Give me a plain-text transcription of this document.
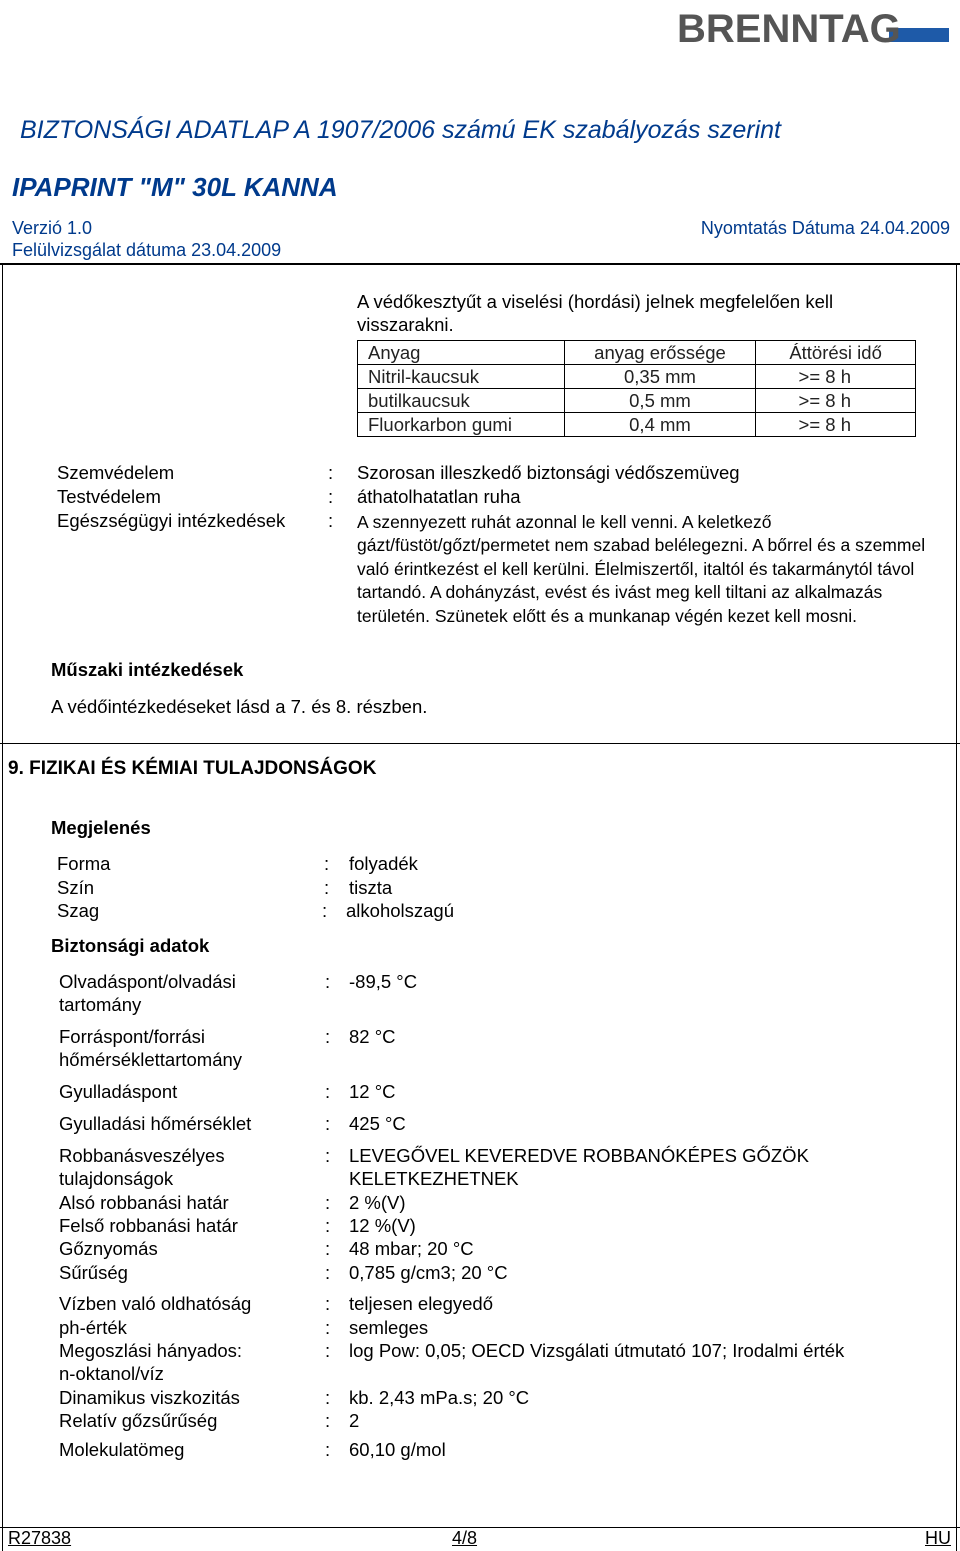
BRENNTAG
BIZTONSÁGI ADATLAP A 1907/2006 számú EK szabályozás szerint
IPAPRINT "M" 30L KANNA
Verzió 1.0	Nyomtatás Dátuma 24.04.2009
Felülvizsgálat dátuma 23.04.2009
A védőkesztyűt a viselési (hordási) jelnek megfelelően kell
visszarakni.
Anyag	anyag erőssége	Áttörési idő
Nitril-kaucsuk	0,35 mm	>= 8 h
butilkaucsuk	0,5 mm	>= 8 h
Fluorkarbon gumi	0,4 mm	>= 8 h
Szemvédelem	: Szorosan illeszkedő biztonsági védőszemüveg
Testvédelem	: áthatolhatatlan ruha
Egészségügyi intézkedések : A szennyezett ruhát azonnal le kell venni. A keletkező gázt/füstöt/gőzt/permetet nem szabad belélegezni. A bőrrel és a szemmel való érintkezést el kell kerülni. Élelmiszertől, italtól és takarmánytól távol tartandó. A dohányzást, evést és ivást meg kell tiltani az alkalmazás területén. Szünetek előtt és a munkanap végén kezet kell mosni.
Műszaki intézkedések
A védőintézkedéseket lásd a 7. és 8. részben.
9. FIZIKAI ÉS KÉMIAI TULAJDONSÁGOK
Megjelenés
Forma	: folyadék
Szín	: tiszta
Szag	: alkoholszagú
Biztonsági adatok
Olvadáspont/olvadási
tartomány
: -89,5 °C
Forráspont/forrási
hőmérséklettartomány
: 82 °C
Gyulladáspont	: 12 °C
Gyulladási hőmérséklet	: 425 °C
Robbanásveszélyes
tulajdonságok
: LEVEGŐVEL KEVEREDVE ROBBANÓKÉPES GŐZÖK
KELETKEZHETNEK
Alsó robbanási határ	: 2 %(V)
Felső robbanási határ	: 12 %(V)
Gőznyomás	: 48 mbar; 20 °C
Sűrűség	: 0,785 g/cm3; 20 °C
Vízben való oldhatóság	: teljesen elegyedő
ph-érték	: semleges
Megoszlási hányados:
n-oktanol/víz
: log Pow: 0,05; OECD Vizsgálati útmutató 107; Irodalmi érték
Dinamikus viszkozitás	: kb. 2,43 mPa.s; 20 °C
Relatív gőzsűrűség	: 2
Molekulatömeg	: 60,10 g/mol
R27838	4/8	HU
